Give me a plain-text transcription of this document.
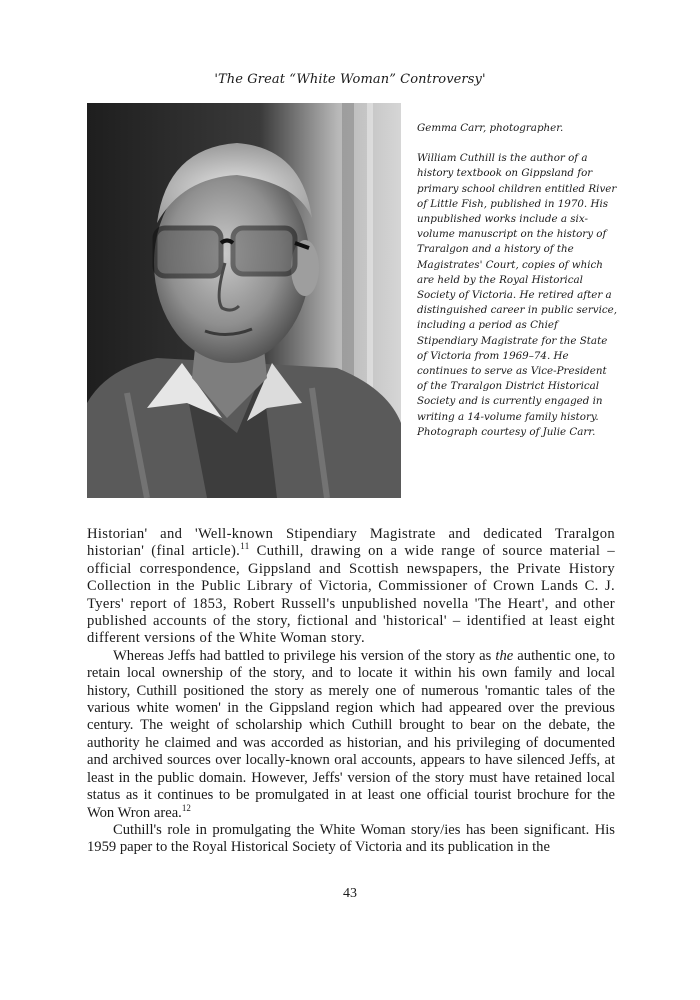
'The Great “White Woman” Controversy'

Gemma Carr, photographer.

William Cuthill is the author of a history textbook on Gippsland for primary school children entitled River of Little Fish, published in 1970. His unpublished works include a six-volume manuscript on the history of Traralgon and a history of the Magistrates' Court, copies of which are held by the Royal Historical Society of Victoria. He retired after a distinguished career in public service, including a period as Chief Stipendiary Magistrate for the State of Victoria from 1969–74. He continues to serve as Vice-President of the Traralgon District Historical Society and is currently engaged in writing a 14-volume family history. Photograph courtesy of Julie Carr.

Historian' and 'Well-known Stipendiary Magistrate and dedicated Traralgon historian' (final article).$^{11}$ Cuthill, drawing on a wide range of source material – official correspondence, Gippsland and Scottish newspapers, the Private History Collection in the Public Library of Victoria, Commissioner of Crown Lands C. J. Tyers' report of 1853, Robert Russell's unpublished novella 'The Heart', and other published accounts of the story, fictional and 'historical' – identified at least eight different versions of the White Woman story.

Whereas Jeffs had battled to privilege his version of the story as the authentic one, to retain local ownership of the story, and to locate it within his own family and local history, Cuthill positioned the story as merely one of numerous 'romantic tales of the various white women' in the Gippsland region which had appeared over the previous century. The weight of scholarship which Cuthill brought to bear on the debate, the authority he claimed and was accorded as historian, and his privileging of documented and archived sources over locally-known oral accounts, appears to have silenced Jeffs, at least in the public domain. However, Jeffs' version of the story must have retained local status as it continues to be promulgated in at least one official tourist brochure for the Won Wron area.$^{12}$

Cuthill's role in promulgating the White Woman story/ies has been significant. His 1959 paper to the Royal Historical Society of Victoria and its publication in the

43
